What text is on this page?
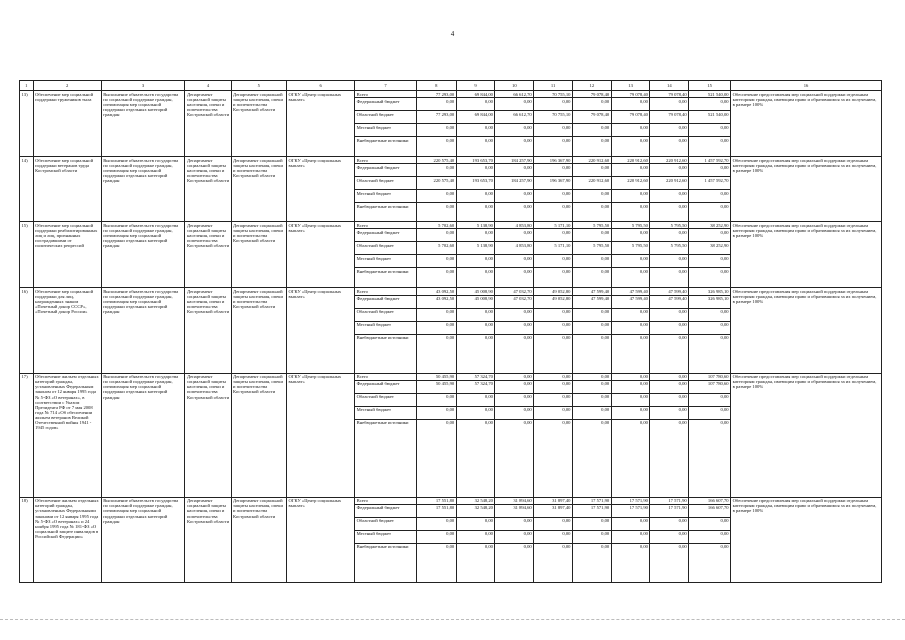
4
1	2	3	4	5	6	7	8	9	10	11	12	13	14	15	16
13)	Обеспечение мер социальной поддержки тружеников тыла	Выполнение обязательств государства по социальной поддержке граждан, оптимизация мер социальной поддержки отдельных категорий граждан	Департамент социальной защиты населения, опеки и попечительства Костромской области	Департамент социальной защиты населения, опеки и попечительства Костромской области	ОГКУ «Центр социальных выплат»	Всего	77 293,00	69 844,00	66 612,70	70 755,10	79 078,40	79 078,40	79 078,40	521 540,00	Обеспечение предоставления мер социальной поддержки отдельным категориям граждан, имеющим право и обратившимся за их получением, в размере 100%
						Федеральный бюджет	0,00	0,00	0,00	0,00	0,00	0,00	0,00	0,00	
						Областной бюджет	77 293,00	69 844,00	66 612,70	70 755,10	79 078,40	79 078,40	79 078,40	521 540,00	
						Местный бюджет	0,00	0,00	0,00	0,00	0,00	0,00	0,00	0,00	
						Внебюджетные источники	0,00	0,00	0,00	0,00	0,00	0,00	0,00	0,00	
14)	Обеспечение мер социальной поддержки ветеранов труда Костромской области	Выполнение обязательств государства по социальной поддержке граждан, оптимизация мер социальной поддержки отдельных категорий граждан	Департамент социальной защиты населения, опеки и попечительства Костромской области	Департамент социальной защиты населения, опеки и попечительства Костромской области	ОГКУ «Центр социальных выплат»	Всего	220 575,40	193 653,70	184 257,90	196 367,90	220 912,60	220 912,60	220 912,60	1 457 592,70	Обеспечение предоставления мер социальной поддержки отдельным категориям граждан, имеющим право и обратившимся за их получением, в размере 100%
						Федеральный бюджет	0,00	0,00	0,00	0,00	0,00	0,00	0,00	0,00	
						Областной бюджет	220 575,40	193 653,70	184 257,90	196 367,90	220 912,60	220 912,60	220 912,60	1 457 592,70	
						Местный бюджет	0,00	0,00	0,00	0,00	0,00	0,00	0,00	0,00	
						Внебюджетные источники	0,00	0,00	0,00	0,00	0,00	0,00	0,00	0,00	
15)	Обеспечение мер социальной поддержки реабилитированных лиц и лиц, признанных пострадавшими от политических репрессий	Выполнение обязательств государства по социальной поддержке граждан, оптимизация мер социальной поддержки отдельных категорий граждан	Департамент социальной защиты населения, опеки и попечительства Костромской области	Департамент социальной защиты населения, опеки и попечительства Костромской области	ОГКУ «Центр социальных выплат»	Всего	5 702,60	5 138,90	4 853,80	5 171,10	5 795,50	5 795,50	5 795,50	38 252,90	Обеспечение предоставления мер социальной поддержки отдельным категориям граждан, имеющим право и обратившимся за их получением, в размере 100%
						Федеральный бюджет	0,00	0,00	0,00	0,00	0,00	0,00	0,00	0,00	
						Областной бюджет	5 702,60	5 138,90	4 853,80	5 171,10	5 795,50	5 795,50	5 795,50	38 252,90	
						Местный бюджет	0,00	0,00	0,00	0,00	0,00	0,00	0,00	0,00	
						Внебюджетные источники	0,00	0,00	0,00	0,00	0,00	0,00	0,00	0,00	
16)	Обеспечение мер социальной поддержки для лиц, награжденных знаком «Почетный донор СССР», «Почетный донор России»	Выполнение обязательств государства по социальной поддержке граждан, оптимизация мер социальной поддержки отдельных категорий граждан	Департамент социальной защиты населения, опеки и попечительства Костромской области	Департамент социальной защиты населения, опеки и попечительства Костромской области	ОГКУ «Центр социальных выплат»	Всего	43 092,50	45 008,90	47 032,70	49 052,80	47 599,40	47 599,40	47 599,40	326 985,10	Обеспечение предоставления мер социальной поддержки отдельным категориям граждан, имеющим право и обратившимся за их получением, в размере 100%
						Федеральный бюджет	43 092,50	45 008,90	47 032,70	49 052,80	47 599,40	47 599,40	47 599,40	326 985,10	
						Областной бюджет	0,00	0,00	0,00	0,00	0,00	0,00	0,00	0,00	
						Местный бюджет	0,00	0,00	0,00	0,00	0,00	0,00	0,00	0,00	
						Внебюджетные источники	0,00	0,00	0,00	0,00	0,00	0,00	0,00	0,00	
17)	Обеспечение жильем отдельных категорий граждан, установленных Федеральным законом от 12 января 1995 года № 5-ФЗ «О ветеранах», в соответствии с Указом Президента РФ от 7 мая 2008 года № 714 «Об обеспечении жильем ветеранов Великой Отечественной войны 1941 - 1945 годов»	Выполнение обязательств государства по социальной поддержке граждан, оптимизация мер социальной поддержки отдельных категорий граждан	Департамент социальной защиты населения, опеки и попечительства Костромской области	Департамент социальной защиты населения, опеки и попечительства Костромской области	ОГКУ «Центр социальных выплат»	Всего	50 455,90	57 324,70	0,00	0,00	0,00	0,00	0,00	107 780,60	Обеспечение предоставления мер социальной поддержки отдельным категориям граждан, имеющим право и обратившимся за их получением, в размере 100%
						Федеральный бюджет	50 455,90	57 324,70	0,00	0,00	0,00	0,00	0,00	107 780,60	
						Областной бюджет	0,00	0,00	0,00	0,00	0,00	0,00	0,00	0,00	
						Местный бюджет	0,00	0,00	0,00	0,00	0,00	0,00	0,00	0,00	
						Внебюджетные источники	0,00	0,00	0,00	0,00	0,00	0,00	0,00	0,00	
18)	Обеспечение жильем отдельных категорий граждан, установленных Федеральными законами от 12 января 1995 года № 5-ФЗ «О ветеранах» и 24 ноября 1995 года № 181-ФЗ «О социальной защите инвалидов в Российской Федерации»	Выполнение обязательств государства по социальной поддержке граждан, оптимизация мер социальной поддержки отдельных категорий граждан	Департамент социальной защиты населения, опеки и попечительства Костромской области	Департамент социальной защиты населения, опеки и попечительства Костромской области	ОГКУ «Центр социальных выплат»	Всего	17 551,80	32 548,20	31 894,60	31 897,40	17 571,90	17 571,90	17 571,90	166 607,70	Обеспечение предоставления мер социальной поддержки отдельным категориям граждан, имеющим право и обратившимся за их получением, в размере 100%
						Федеральный бюджет	17 551,80	32 548,20	31 894,60	31 897,40	17 571,90	17 571,90	17 571,90	166 607,70	
						Областной бюджет	0,00	0,00	0,00	0,00	0,00	0,00	0,00	0,00	
						Местный бюджет	0,00	0,00	0,00	0,00	0,00	0,00	0,00	0,00	
						Внебюджетные источники	0,00	0,00	0,00	0,00	0,00	0,00	0,00	0,00	
